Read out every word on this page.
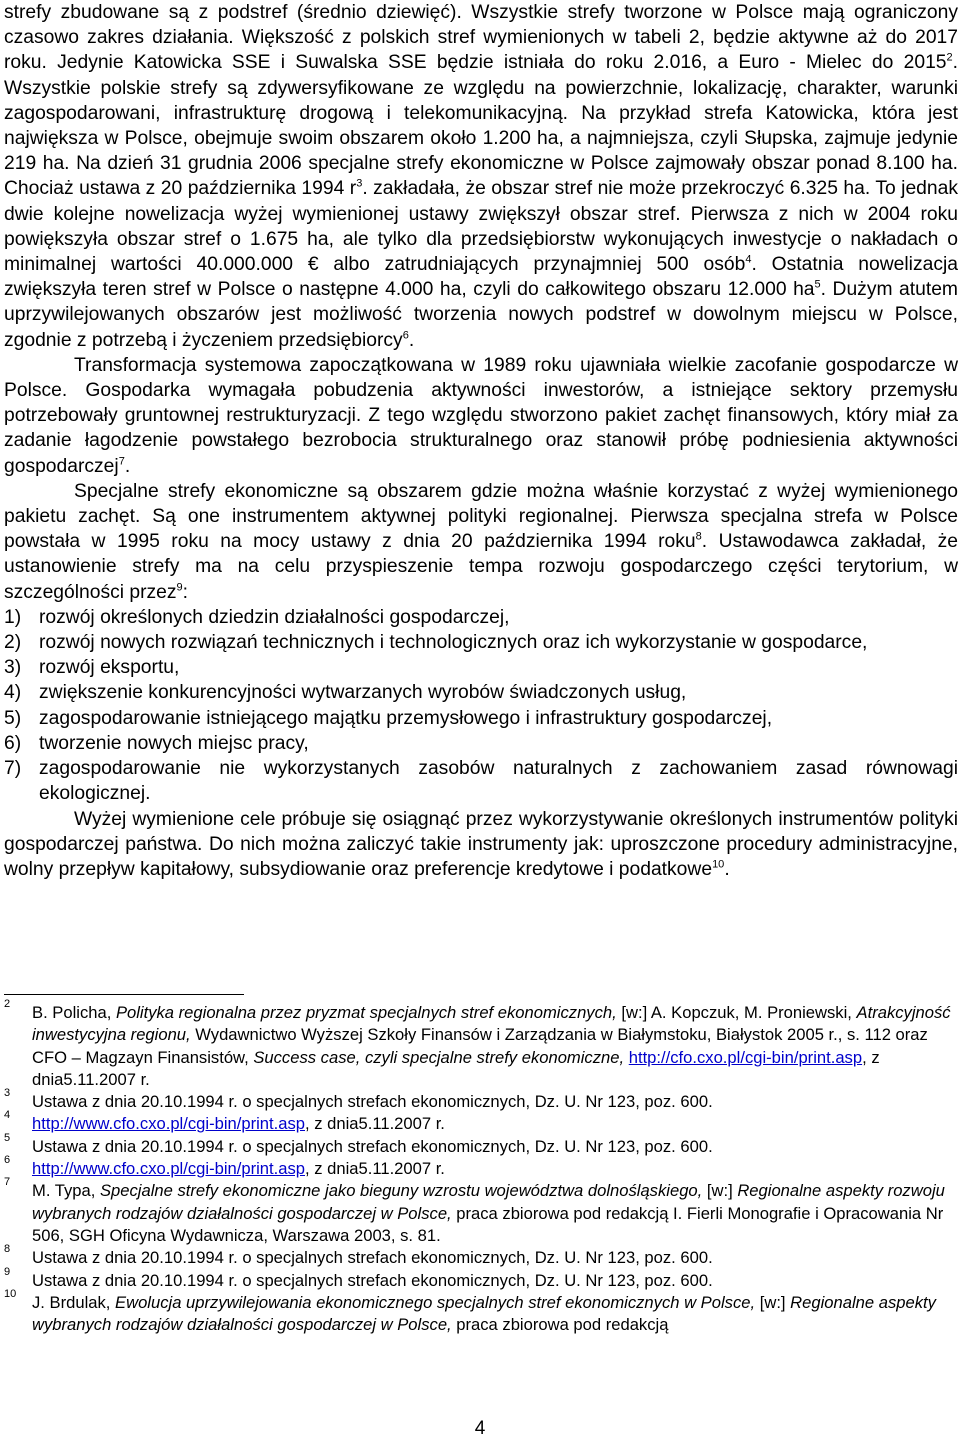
strefy zbudowane są z podstref (średnio dziewięć). Wszystkie strefy tworzone w Polsce mają ograniczony czasowo zakres działania. Większość z polskich stref wymienionych w tabeli 2, będzie aktywne aż do 2017 roku. Jedynie Katowicka SSE i Suwalska SSE będzie istniała do roku 2.016, a Euro - Mielec do 2015$^2$. Wszystkie polskie strefy są zdywersyfikowane ze względu na powierzchnie, lokalizację, charakter, warunki zagospodarowani, infrastrukturę drogową i telekomunikacyjną. Na przykład strefa Katowicka, która jest największa w Polsce, obejmuje swoim obszarem około 1.200 ha, a najmniejsza, czyli Słupska, zajmuje jedynie 219 ha. Na dzień 31 grudnia 2006 specjalne strefy ekonomiczne w Polsce zajmowały obszar ponad 8.100 ha. Chociaż ustawa z 20 października 1994 $r^3$. zakładała, że obszar stref nie może przekroczyć 6.325 ha. To jednak dwie kolejne nowelizacja wyżej wymienionej ustawy zwiększył obszar stref. Pierwsza z nich w 2004 roku powiększyła obszar stref o 1.675 ha, ale tylko dla przedsiębiorstw wykonujących inwestycje o nakładach o minimalnej wartości 40.000.000 € albo zatrudniających przynajmniej 500 osób$^4$. Ostatnia nowelizacja zwiększyła teren stref w Polsce o następne 4.000 ha, czyli do całkowitego obszaru 12.000 $ha^5$. Dużym atutem uprzywilejowanych obszarów jest możliwość tworzenia nowych podstref w dowolnym miejscu w Polsce, zgodnie z potrzebą i życzeniem przedsiębiorcy$^6$.

Transformacja systemowa zapoczątkowana w 1989 roku ujawniała wielkie zacofanie gospodarcze w Polsce. Gospodarka wymagała pobudzenia aktywności inwestorów, a istniejące sektory przemysłu potrzebowały gruntownej restrukturyzacji. Z tego względu stworzono pakiet zachęt finansowych, który miał za zadanie łagodzenie powstałego bezrobocia strukturalnego oraz stanowił próbę podniesienia aktywności gospodarczej$^7$.

Specjalne strefy ekonomiczne są obszarem gdzie można właśnie korzystać z wyżej wymienionego pakietu zachęt. Są one instrumentem aktywnej polityki regionalnej. Pierwsza specjalna strefa w Polsce powstała w 1995 roku na mocy ustawy z dnia 20 października 1994 roku$^8$. Ustawodawca zakładał, że ustanowienie strefy ma na celu przyspieszenie tempa rozwoju gospodarczego części terytorium, w szczególności przez$^9$:

1) rozwój określonych dziedzin działalności gospodarczej,
2) rozwój nowych rozwiązań technicznych i technologicznych oraz ich wykorzystanie w gospodarce,
3) rozwój eksportu,
4) zwiększenie konkurencyjności wytwarzanych wyrobów świadczonych usług,
5) zagospodarowanie istniejącego majątku przemysłowego i infrastruktury gospodarczej,
6) tworzenie nowych miejsc pracy,
7) zagospodarowanie nie wykorzystanych zasobów naturalnych z zachowaniem zasad równowagi ekologicznej.

Wyżej wymienione cele próbuje się osiągnąć przez wykorzystywanie określonych instrumentów polityki gospodarczej państwa. Do nich można zaliczyć takie instrumenty jak: uproszczone procedury administracyjne, wolny przepływ kapitałowy, subsydiowanie oraz preferencje kredytowe i podatkowe$^{10}$.

2 B. Policha, Polityka regionalna przez pryzmat specjalnych stref ekonomicznych, [w:] A. Kopczuk, M. Proniewski, Atrakcyjność inwestycyjna regionu, Wydawnictwo Wyższej Szkoły Finansów i Zarządzania w Białymstoku, Białystok 2005 r., s. 112 oraz CFO – Magzayn Finansistów, Success case, czyli specjalne strefy ekonomiczne, http://cfo.cxo.pl/cgi-bin/print.asp, z dnia5.11.2007 r.
3 Ustawa z dnia 20.10.1994 r. o specjalnych strefach ekonomicznych, Dz. U. Nr 123, poz. 600.
4 http://www.cfo.cxo.pl/cgi-bin/print.asp, z dnia5.11.2007 r.
5 Ustawa z dnia 20.10.1994 r. o specjalnych strefach ekonomicznych, Dz. U. Nr 123, poz. 600.
6 http://www.cfo.cxo.pl/cgi-bin/print.asp, z dnia5.11.2007 r.
7 M. Typa, Specjalne strefy ekonomiczne jako bieguny wzrostu województwa dolnośląskiego, [w:] Regionalne aspekty rozwoju wybranych rodzajów działalności gospodarczej w Polsce, praca zbiorowa pod redakcją I. Fierli Monografie i Opracowania Nr 506, SGH Oficyna Wydawnicza, Warszawa 2003, s. 81.
8 Ustawa z dnia 20.10.1994 r. o specjalnych strefach ekonomicznych, Dz. U. Nr 123, poz. 600.
9 Ustawa z dnia 20.10.1994 r. o specjalnych strefach ekonomicznych, Dz. U. Nr 123, poz. 600.
10 J. Brdulak, Ewolucja uprzywilejowania ekonomicznego specjalnych stref ekonomicznych w Polsce, [w:] Regionalne aspekty wybranych rodzajów działalności gospodarczej w Polsce, praca zbiorowa pod redakcją
4
